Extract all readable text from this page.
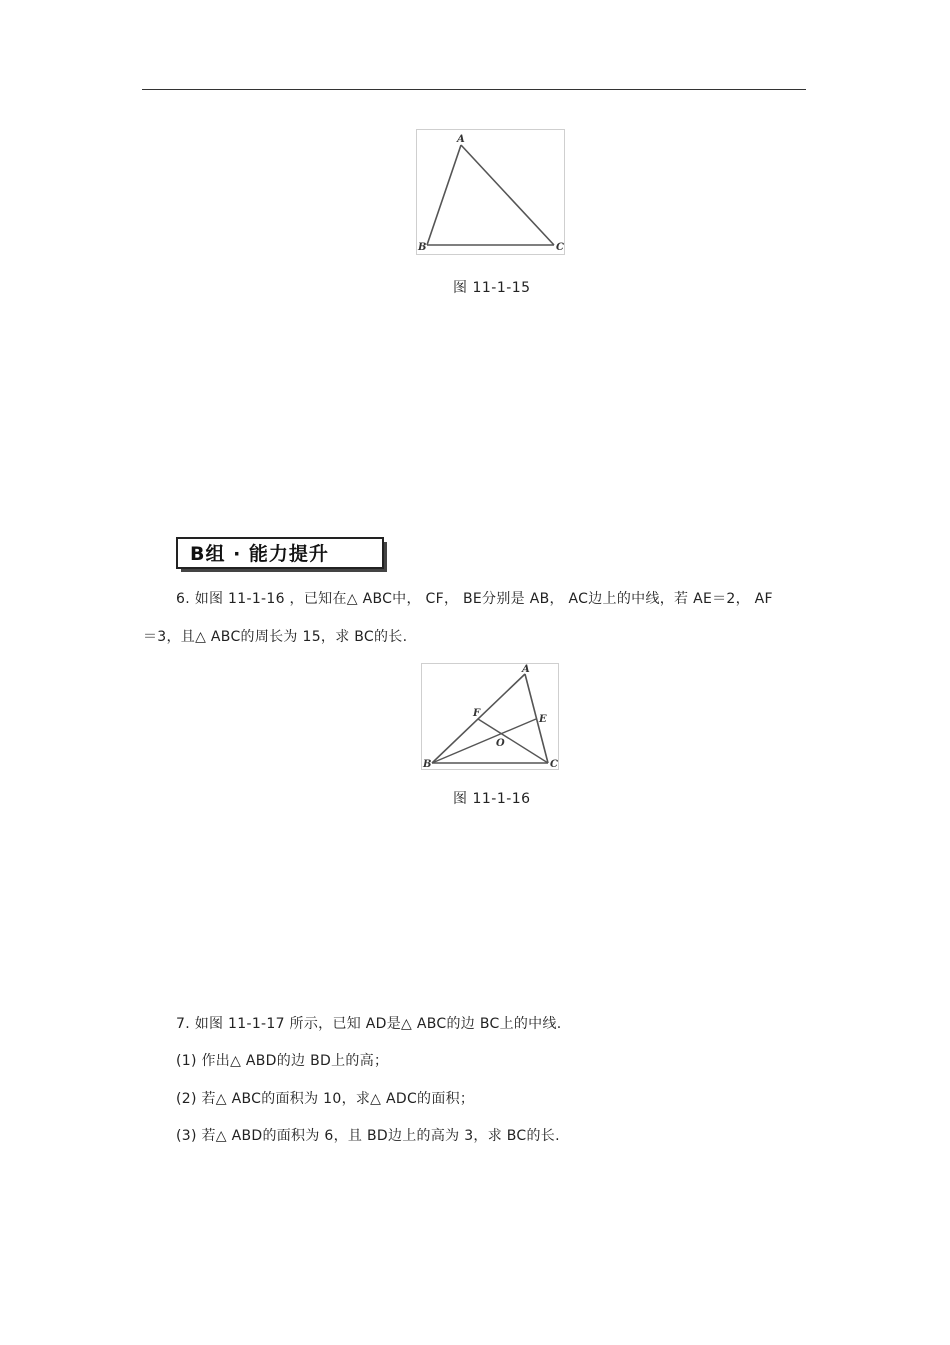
A
B	C
图 11-1-15
B组 · 能力提升
6. 如图 11-1-16 ，已知在△ ABC中， CF， BE分别是 AB， AC边上的中线，若 AE＝2， AF
＝3，且△ ABC的周长为 15，求 BC的长.
A
B	C
E
F
O
图 11-1-16
7. 如图 11-1-17 所示，已知 AD是△ ABC的边 BC上的中线.
(1) 作出△ ABD的边 BD上的高；
(2) 若△ ABC的面积为 10，求△ ADC的面积；
(3) 若△ ABD的面积为 6，且 BD边上的高为 3，求 BC的长.
